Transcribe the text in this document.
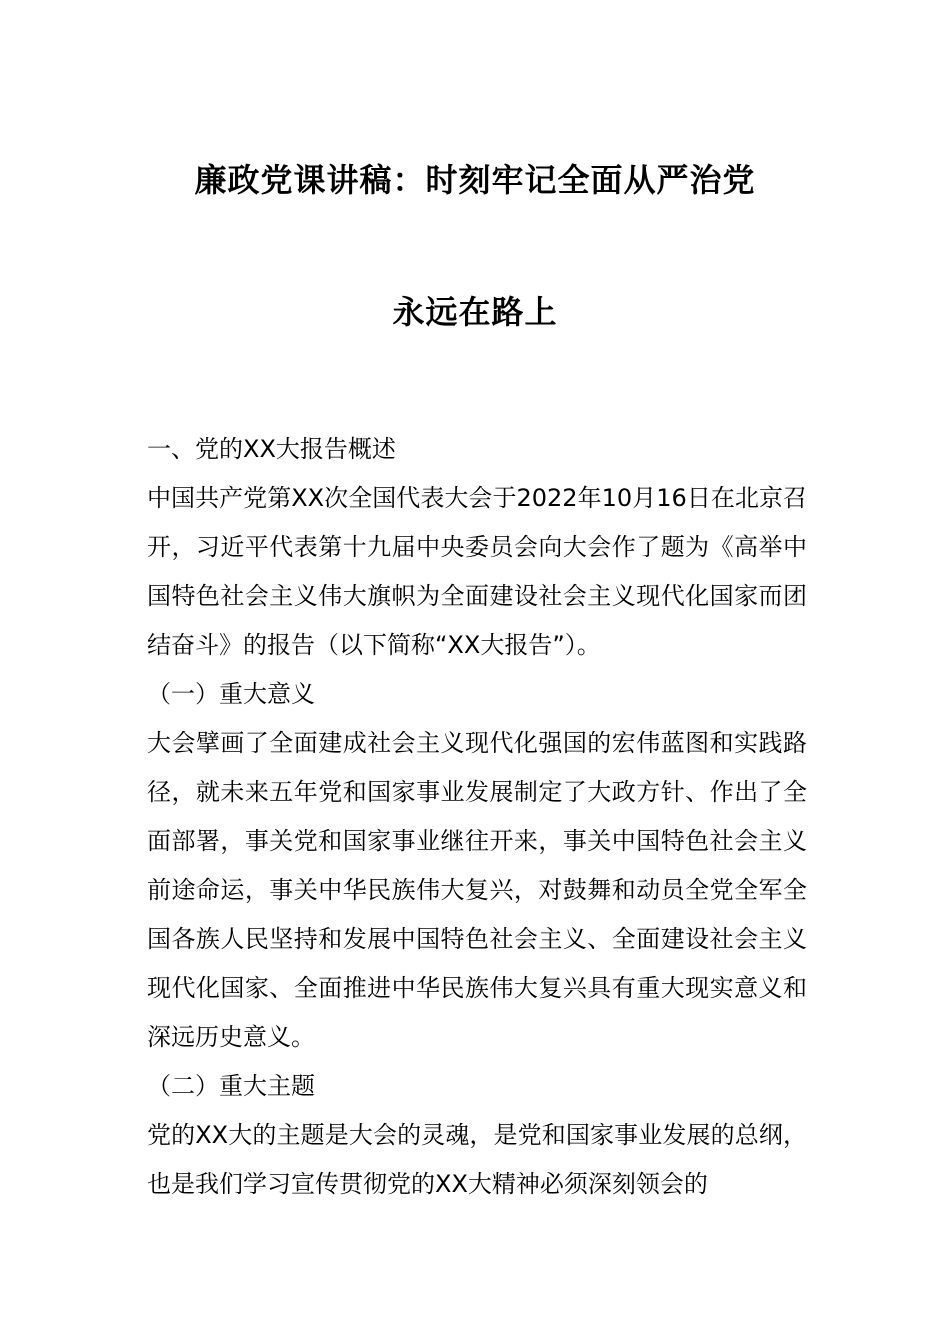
廉政党课讲稿：时刻牢记全面从严治党
永远在路上

一、党的XX大报告概述

中国共产党第XX次全国代表大会于2022年10月16日在北京召开，习近平代表第十九届中央委员会向大会作了题为《高举中国特色社会主义伟大旗帜为全面建设社会主义现代化国家而团结奋斗》的报告（以下简称“XX大报告”）。

（一）重大意义

大会擘画了全面建成社会主义现代化强国的宏伟蓝图和实践路径，就未来五年党和国家事业发展制定了大政方针、作出了全面部署，事关党和国家事业继往开来，事关中国特色社会主义前途命运，事关中华民族伟大复兴，对鼓舞和动员全党全军全国各族人民坚持和发展中国特色社会主义、全面建设社会主义现代化国家、全面推进中华民族伟大复兴具有重大现实意义和深远历史意义。

（二）重大主题

党的XX大的主题是大会的灵魂，是党和国家事业发展的总纲，也是我们学习宣传贯彻党的XX大精神必须深刻领会的
